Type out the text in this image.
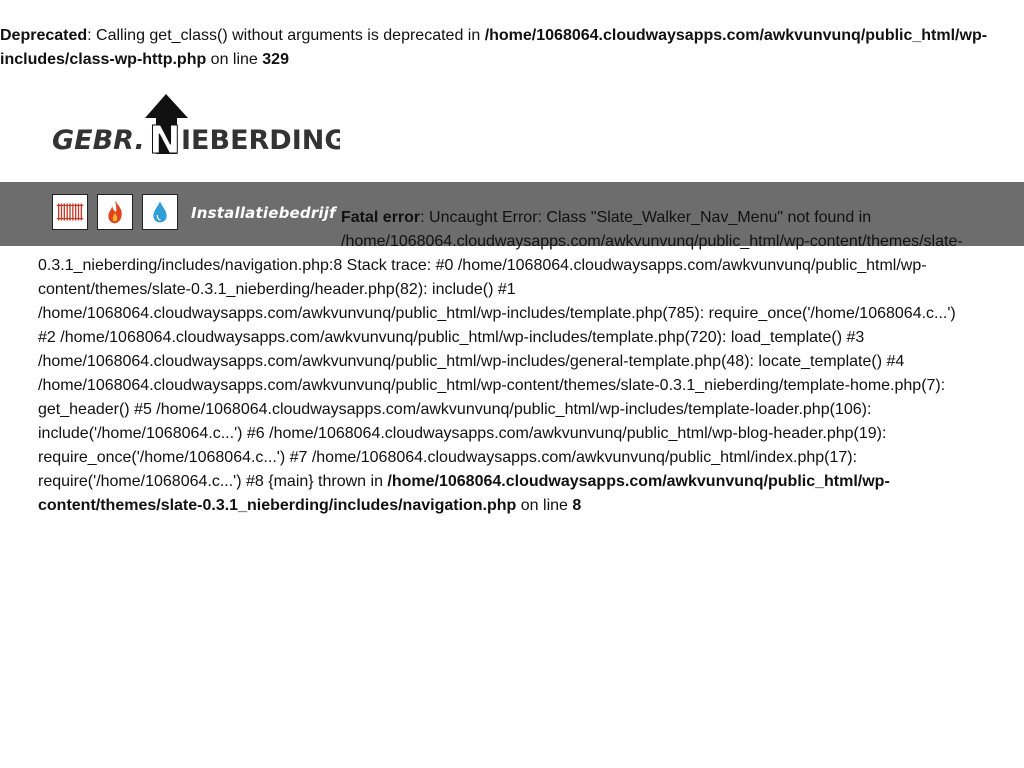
Deprecated: Calling get_class() without arguments is deprecated in /home/1068064.cloudwaysapps.com/awkvunvunq/public_html/wp-
includes/class-wp-http.php on line 329
GEBR. N IEBERDING
Installatiebedrijf Fatal error: Uncaught Error: Class "Slate_Walker_Nav_Menu" not found in
/home/1068064.cloudwaysapps.com/awkvunvunq/public_html/wp-content/themes/slate-
0.3.1_nieberding/includes/navigation.php:8 Stack trace: #0 /home/1068064.cloudwaysapps.com/awkvunvunq/public_html/wp-
content/themes/slate-0.3.1_nieberding/header.php(82): include() #1
/home/1068064.cloudwaysapps.com/awkvunvunq/public_html/wp-includes/template.php(785): require_once('/home/1068064.c...')
#2 /home/1068064.cloudwaysapps.com/awkvunvunq/public_html/wp-includes/template.php(720): load_template() #3
/home/1068064.cloudwaysapps.com/awkvunvunq/public_html/wp-includes/general-template.php(48): locate_template() #4
/home/1068064.cloudwaysapps.com/awkvunvunq/public_html/wp-content/themes/slate-0.3.1_nieberding/template-home.php(7):
get_header() #5 /home/1068064.cloudwaysapps.com/awkvunvunq/public_html/wp-includes/template-loader.php(106):
include('/home/1068064.c...') #6 /home/1068064.cloudwaysapps.com/awkvunvunq/public_html/wp-blog-header.php(19):
require_once('/home/1068064.c...') #7 /home/1068064.cloudwaysapps.com/awkvunvunq/public_html/index.php(17):
require('/home/1068064.c...') #8 {main} thrown in /home/1068064.cloudwaysapps.com/awkvunvunq/public_html/wp-
content/themes/slate-0.3.1_nieberding/includes/navigation.php on line 8
